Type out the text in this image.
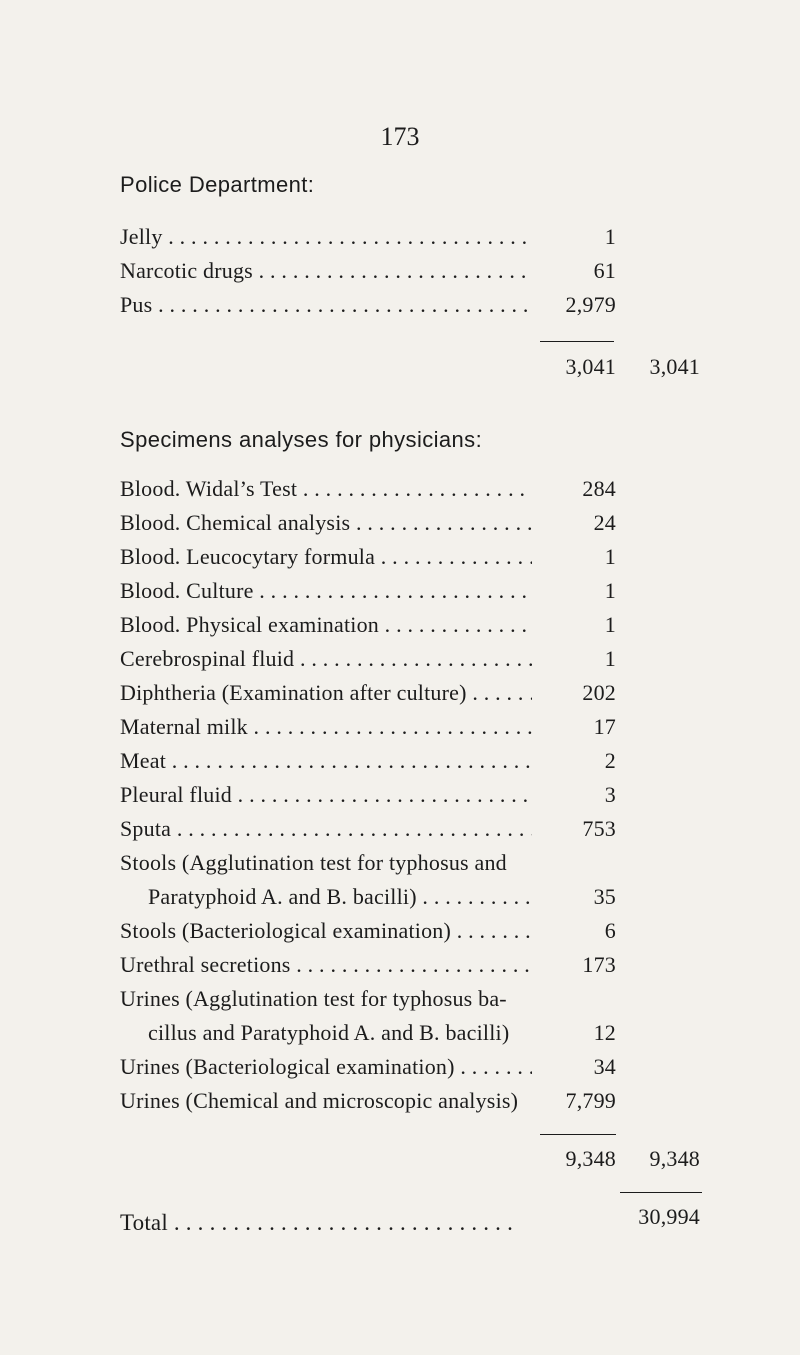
173
Police Department:
Jelly . . .	1
Narcotic drugs . . .	61
Pus . . .	2,979
3,041	3,041
Specimens analyses for physicians:
Blood. Widal’s Test . . .	284
Blood. Chemical analysis . . .	24
Blood. Leucocytary formula . . .	1
Blood. Culture . . .	1
Blood. Physical examination . . .	1
Cerebrospinal fluid . . .	1
Diphtheria (Examination after culture) . . .	202
Maternal milk . . .	17
Meat . . .	2
Pleural fluid . . .	3
Sputa . . .	753
Stools (Agglutination test for typhosus and
Paratyphoid A. and B. bacilli) . . .	35
Stools (Bacteriological examination) . . .	6
Urethral secretions . . .	173
Urines (Agglutination test for typhosus ba-
cillus and Paratyphoid A. and B. bacilli)	12
Urines (Bacteriological examination) . . .	34
Urines (Chemical and microscopic analysis)	7,799
9,348	9,348
Total . . .	30,994
